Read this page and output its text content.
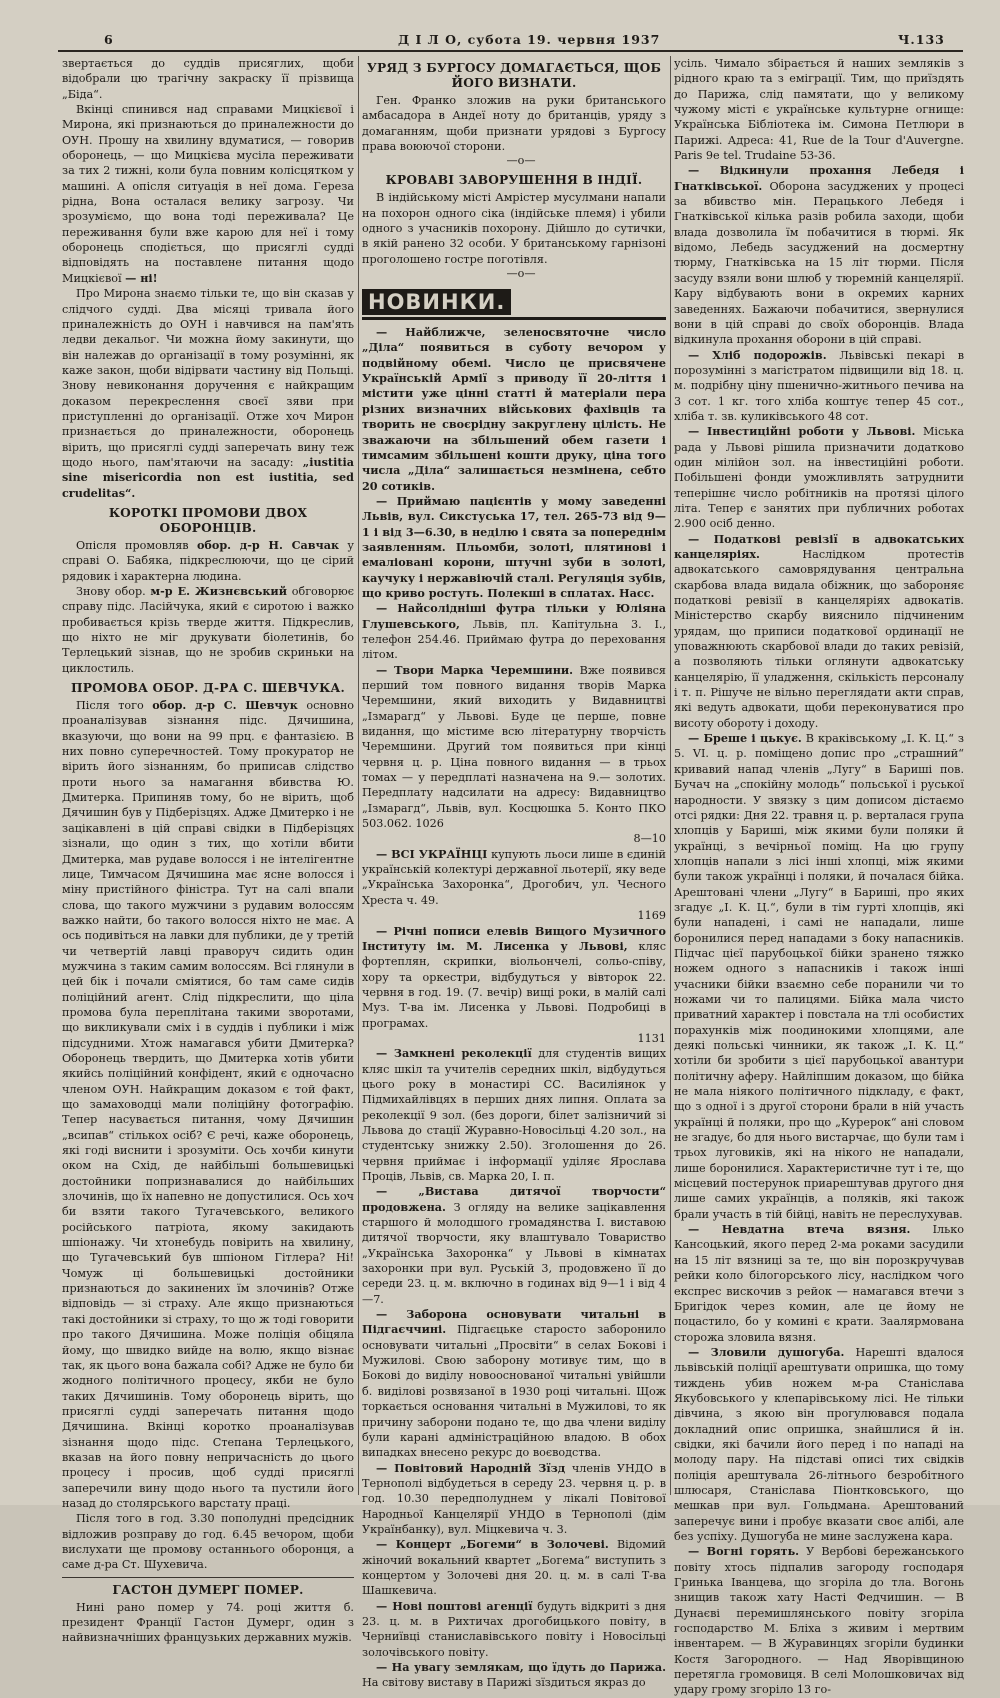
6	Д І Л О, субота 19. червня 1937	Ч.133

звертається до суддів присяглих, щоби відобрали цю трагічну закраску її прізвища „Біда“.

Вкінці спинився над справами Мицкієвої і Мирона, які признаються до приналежности до ОУН. Прошу на хвилину вдуматися, — говорив оборонець, — що Мицкієва мусіла переживати за тих 2 тижні, коли була повним колісцятком у машині. А опісля ситуація в неї дома. Гереза рідна, Вона осталася велику загрозу. Чи зрозуміємо, що вона тоді переживала? Це переживання були вже карою для неї і тому оборонець сподіється, що присяглі судді відповідять на поставлене питання щодо Мицкієвої — ні!

Про Мирона знаємо тільки те, що він сказав у слідчого судді. Два місяці тривала його приналежність до ОУН і навчився на пам'ять ледви декальог. Чи можна йому закинути, що він належав до організації в тому розумінні, як каже закон, щоби відірвати частину від Польщі. Знову невиконання доручення є найкращим доказом перекреслення своєї зяви при приступленні до організації. Отже хоч Мирон признається до приналежности, оборонець вірить, що присяглі судді заперечать вину теж щодо нього, пам'ятаючи на засаду: „iustitia sine misericordia non est iustitia, sed crudelitas“.

КОРОТКІ ПРОМОВИ ДВОХ ОБОРОНЦІВ.

Опісля промовляв обор. д-р Н. Савчак у справі О. Бабяка, підкреслюючи, що це сірий рядовик і характерна людина.

Знову обор. м-р Е. Жизнєвський обговорює справу підс. Ласійчука, який є сиротою і важко пробивається крізь тверде життя. Підкреслив, що ніхто не міг друкувати біолетинів, бо Терлецький зізнав, що не зробив скриньки на циклостиль.

ПРОМОВА ОБОР. Д-РА С. ШЕВЧУКА.

Після того обор. д-р С. Шевчук основно проаналізував зізнання підс. Дячишина, вказуючи, що вони на 99 прц. є фантазією. В них повно суперечностей. Тому прокуратор не вірить його зізнанням, бо приписав слідство проти нього за намагання вбивства Ю. Дмитерка. Припиняв тому, бо не вірить, щоб Дячишин був у Підберізцях. Адже Дмитерко і не зацікавлені в цій справі свідки в Підберізцях зізнали, що один з тих, що хотіли вбити Дмитерка, мав рудаве волосся і не інтелігентне лице, Тимчасом Дячишина має ясне волосся і міну пристійного фіністра. Тут на салі впали слова, що такого мужчини з рудавим волоссям важко найти, бо такого волосся ніхто не має. А ось подивіться на лавки для публики, де у третій чи четвертій лавці праворуч сидить один мужчина з таким самим волоссям. Всі глянули в цей бік і почали сміятися, бо там саме сидів поліційний агент. Слід підкреслити, що ціла промова була переплітана такими зворотами, що викликували сміх і в суддів і публики і між підсудними. Хтож намагався убити Дмитерка? Оборонець твердить, що Дмитерка хотів убити якийсь поліційний конфідент, який є одночасно членом ОУН. Найкращим доказом є той факт, що замаховодці мали поліційну фотографію. Тепер насувається питання, чому Дячишин „всипав“ стількох осіб? Є речі, каже оборонець, які годі виснити і зрозуміти. Ось хочби кинути оком на Схід, де найбільші большевицькі достойники попризнавалися до найбільших злочинів, що їх напевно не допустилися. Ось хоч би взяти такого Тугачевського, великого російського патріота, якому закидають шпіонажу. Чи хтонебудь повірить на хвилину, що Тугачевський був шпіоном Гітлера? Ні! Чомуж ці большевицькі достойники признаються до закинених їм злочинів? Отже відповідь — зі страху. Але якщо признаються такі достойники зі страху, то що ж тоді говорити про такого Дячишина. Може поліція обіцяла йому, що швидко вийде на волю, якщо візнає так, як цього вона бажала собі? Адже не було би жодного політичного процесу, якби не було таких Дячишинів. Тому оборонець вірить, що присяглі судді заперечать питання щодо Дячишина. Вкінці коротко проаналізував зізнання щодо підс. Степана Терлецького, вказав на його повну непричасність до цього процесу і просив, щоб судді присяглі заперечили вину щодо нього та пустили його назад до столярського варстату праці.

Після того в год. 3.30 пополудні предсідник відложив розправу до год. 6.45 вечором, щоби вислухати ще промову останнього оборонця, а саме д-ра Ст. Шухевича.

ГАСТОН ДУМЕРГ ПОМЕР.

Нині рано помер у 74. році життя б. президент Франції Гастон Думерг, один з найвизначніших французьких державних мужів.

УРЯД З БУРГОСУ ДОМАГАЄТЬСЯ, ЩОБ ЙОГО ВИЗНАТИ.

Ген. Франко зложив на руки британського амбасадора в Андеї ноту до британців, уряду з домаганням, щоби признати урядові з Бургосу права воюючої сторони.

—o—

КРОВАВІ ЗАВОРУШЕННЯ В ІНДІЇ.

В індійському місті Амрістер мусулмани напали на похорон одного сіка (індійське племя) і убили одного з учасників похорону. Дійшло до сутички, в якій ранено 32 особи. У британському гарнізоні проголошено гостре поготівля.

—o—

НОВИНКИ.

— Найближче, зеленосвяточне число „Діла“ появиться в суботу вечором у подвійному обемі. Число це присвячене Українській Армії з приводу її 20-ліття і містити уже цінні статті й матеріали пера різних визначних військових фахівців та творить не своєрідну закруглену цілість. Не зважаючи на збільшений обем газети і тимсамим збільшені кошти друку, ціна того числа „Діла“ залишається незмінена, себто 20 сотиків.

— Приймаю пацієнтів у мому заведенні Львів, вул. Сикстуська 17, тел. 265-73 від 9—1 і від 3—6.30, в неділю і свята за попереднім заявленням. Пльомби, золоті, плятинові і емаліовані корони, штучні зуби в золоті, каучуку і нержавіючій сталі. Регуляція зубів, що криво ростуть. Полекші в сплатах. Насс.

— Найсолідніші футра тільки у Юліяна Глушевського, Львів, пл. Капітульна 3. I., телефон 254.46. Приймаю футра до переховання літом.

— Твори Марка Черемшини. Вже появився перший том повного видання творів Марка Черемшини, який виходить у Видавництві „Ізмарагд“ у Львові. Буде це перше, повне видання, що містиме всю літературну творчість Черемшини. Другий том появиться при кінці червня ц. р. Ціна повного видання — в трьох томах — у передплаті назначена на 9.— золотих. Передплату надсилати на адресу: Видавництво „Ізмарагд“, Львів, вул. Косцюшка 5. Конто ПКО 503.062. 1026

8—10

— ВСІ УКРАЇНЦІ купують льоси лише в єдиній українській колектурі державної льотерії, яку веде „Українська Захоронка“, Дрогобич, ул. Чесного Хреста ч. 49.

1169

— Річні пописи елевів Вищого Музичного Інституту ім. М. Лисенка у Львові, кляс фортеплян, скрипки, віольончелі, сольо-співу, хору та оркестри, відбудуться у вівторок 22. червня в год. 19. (7. вечір) вищі роки, в малій салі Муз. Т-ва ім. Лисенка у Львові. Подробиці в програмах.

1131

— Замкнені реколекції для студентів вищих кляс шкіл та учителів середних шкіл, відбудуться цього року в монастирі СС. Василіянок у Підмихайлівцях в перших днях липня. Оплата за реколекції 9 зол. (без дороги, білет залізничий зі Львова до стації Журавно-Новосільці 4.20 зол., на студентську знижку 2.50). Зголошення до 26. червня приймає і інформації уділяє Ярослава Проців, Львів, св. Марка 20, I. п.

— „Вистава дитячої творчости“ продовжена. З огляду на велике зацікавлення старшого й молодшого громадянства І. виставою дитячої творчости, яку влаштувало Товариство „Українська Захоронка“ у Львові в кімнатах захоронки при вул. Руській 3, продовжено її до середи 23. ц. м. включно в годинах від 9—1 і від 4—7.

— Заборона основувати читальні в Підгаєччині. Підгаєцьке старосто заборонило основувати читальні „Просвіти“ в селах Бокові і Мужилові. Свою заборону мотивує тим, що в Бокові до виділу новооснованої читальні увійшли б. виділові розвязаної в 1930 році читальні. Щож торкається основання читальні в Мужилові, то як причину заборони подано те, що два члени виділу були карані адміністраційною владою. В обох випадках внесено рекурс до воєводства.

— Повітовий Народній Зїзд членів УНДО в Тернополі відбудеться в середу 23. червня ц. р. в год. 10.30 передполуднем у лікалі Повітової Народньої Канцелярії УНДО в Тернополі (дім Українбанку), вул. Міцкевича ч. 3.

— Концерт „Богеми“ в Золочеві. Відомий жіночий вокальний квартет „Богема“ виступить з концертом у Золочеві дня 20. ц. м. в салі Т-ва Шашкевича.

— Нові поштові агенції будуть відкриті з дня 23. ц. м. в Рихтичах дрогобицького повіту, в Черниївці станиславівського повіту і Новосільці золочівського повіту.

— На увагу землякам, що їдуть до Парижа. На світову виставу в Парижі зїздиться якраз до

усіль. Чимало збірається й наших земляків з рідного краю та з еміграції. Тим, що приїздять до Парижа, слід памятати, що у великому чужому місті є українське культурне огнище: Українська Бібліотека ім. Симона Петлюри в Парижі. Адреса: 41, Rue de la Tour d'Auvergne. Paris 9e tel. Trudaine 53-36.

— Відкинули прохання Лебедя і Гнатківської. Оборона засуджених у процесі за вбивство мін. Перацького Лебедя і Гнатківської кілька разів робила заходи, щоби влада дозволила їм побачитися в тюрмі. Як відомо, Лебедь засуджений на досмертну тюрму, Гнатківська на 15 літ тюрми. Після засуду взяли вони шлюб у тюремній канцелярії. Кару відбувають вони в окремих карних заведеннях. Бажаючи побачитися, звернулися вони в цій справі до своїх оборонців. Влада відкинула прохання оборони в цій справі.

— Хліб подорожів. Львівські пекарі в порозумінні з магістратом підвищили від 18. ц. м. подрібну ціну пшенично-житнього печива на 3 сот. 1 кг. того хліба коштує тепер 45 сот., хліба т. зв. куликівського 48 сот.

— Інвестиційні роботи у Львові. Міська рада у Львові рішила призначити додатково один мілійон зол. на інвестиційні роботи. Побільшені фонди уможливлять затруднити теперішнє число робітників на протязі цілого літа. Тепер є занятих при публичних роботах 2.900 осіб денно.

— Податкові ревізії в адвокатських канцеляріях.	Наслідком протестів адвокатського самоврядування центральна скарбова влада видала обіжник, що забороняє податкові ревізії в канцеляріях адвокатів. Міністерство скарбу вияснило підчиненим урядам, що приписи податкової ординації не уповажнюють скарбової влади до таких ревізій, а позволяють тільки оглянути адвокатську канцелярію, її уладження, скількість персоналу і т. п. Рішуче не вільно переглядати акти справ, які ведуть адвокати, щоби переконуватися про висоту обороту і доходу.

— Бреше і цькує. В краківському „І. К. Ц.“ з 5. VI. ц. р. поміщено допис про „страшний“ кривавий напад членів „Лугу“ в Бариші пов. Бучач на „спокійну молодь“ польської і руської народности. У звязку з цим дописом дістаємо отсі рядки: Дня 22. травня ц. р. верталася група хлопців у Бариші, між якими були поляки й українці, з вечірньої поміщ. На цю групу хлопців напали з лісі інші хлопці, між якими були також українці і поляки, й почалася бійка. Арештовані члени „Лугу“ в Бариші, про яких згадує „І. К. Ц.“, були в тім гурті хлопців, які були нападені, і самі не нападали, лише боронилися перед нападами з боку напасників. Підчас цієї парубоцької бійки зранено тяжко ножем одного з напасників і також інші учасники бійки взаємно себе поранили чи то ножами чи то палицями. Бійка мала чисто приватний характер і повстала на тлі особистих порахунків між поодинокими хлопцями, але деякі польські чинники, як також „І. К. Ц.“ хотіли би зробити з цієї парубоцької авантури політичну аферу. Найліпшим доказом, що бійка не мала ніякого політичного підкладу, є факт, що з одної і з другої сторони брали в ній участь українці й поляки, про що „Курерок“ ані словом не згадує, бо для нього вистарчає, що були там і трьох луговиків, які на нікого не нападали, лише боронилися. Характеристичне тут і те, що місцевий постерунок приарештував другого дня лише самих українців, а поляків, які також брали участь в тій бійці, навіть не переслухував.

— Невдатна втеча вязня. Ілько Кансоцький, якого перед 2-ма роками засудили на 15 літ вязниці за те, що він порозкручував рейки коло білогорського лісу, наслідком чого експрес вискочив з рейок — намагався втечи з Бригідок через комин, але це йому не поцастило, бо у комині є крати. Заалярмована сторожа зловила вязня.

— Зловили душогуба. Нарешті вдалося львівській поліції арештувати опришка, що тому тиждень убив ножем м-ра Станіслава Якубовського у клепарівському лісі. Не тільки дівчина, з якою він прогулювався подала докладний опис опришка, знайшлися й ін. свідки, які бачили його перед і по нападі на молоду пару. На підставі описі тих свідків поліція арештувала 26-літнього безробітного шлюсаря, Станіслава Піонтковського, що мешкав при вул. Гольдмана. Арештований заперечує вини і пробує вказати своє алібі, але без успіху. Душогуба не мине заслужена кара.

— Вогні горять. У Вербові бережанського повіту хтось підпалив загороду господаря Гринька Іванцева, що згоріла до тла. Вогонь знищив також хату Насті Федчишин. — В Дунаєві перемишлянського повіту згоріла господарство М. Бліха з живим і мертвим інвентарем. — В Журавинцях згоріли будинки Костя Загородного. — Над Яворівщиною перетягла громовиця. В селі Молошковичах від удару грому згоріло 13 го-
